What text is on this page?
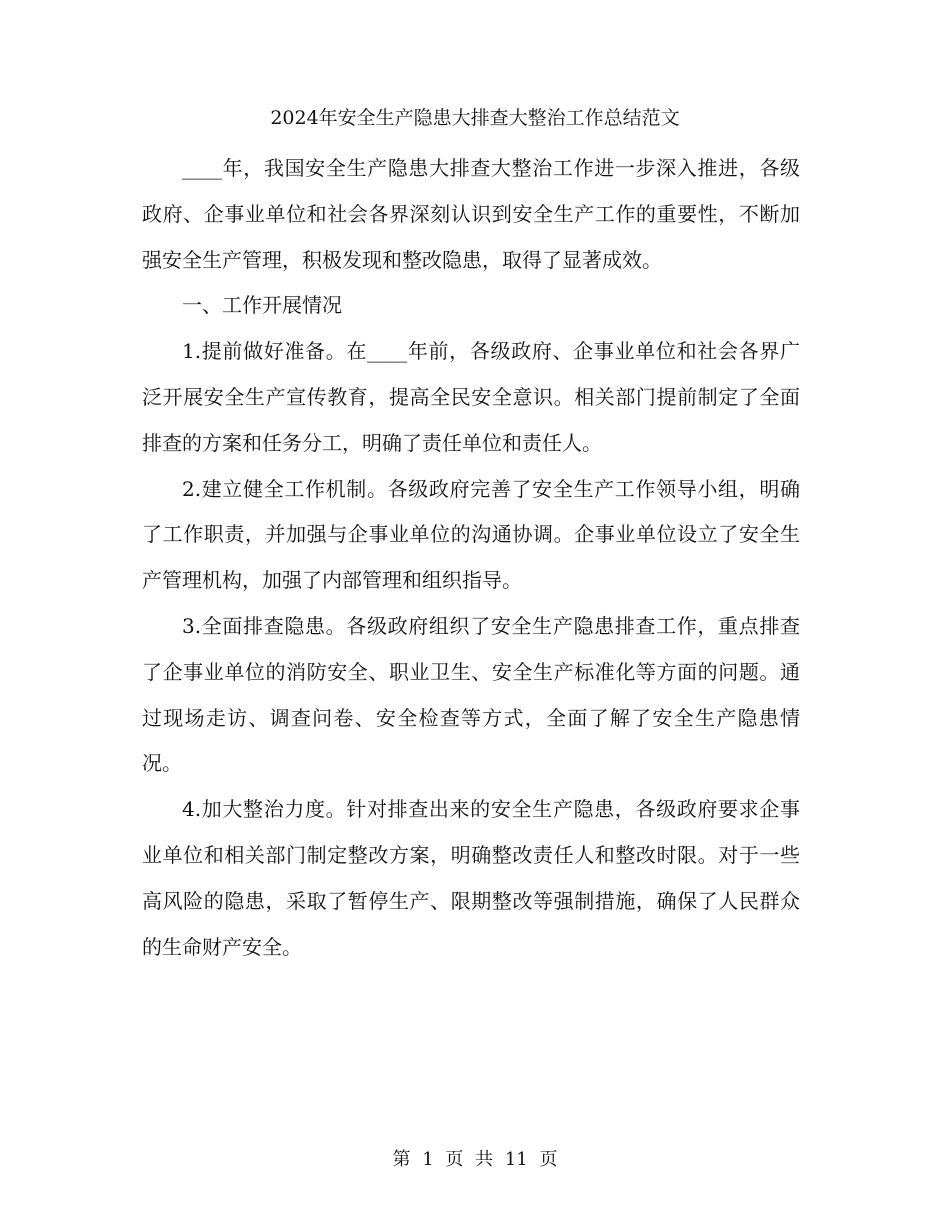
2024年安全生产隐患大排查大整治工作总结范文

____年，我国安全生产隐患大排查大整治工作进一步深入推进，各级政府、企事业单位和社会各界深刻认识到安全生产工作的重要性，不断加强安全生产管理，积极发现和整改隐患，取得了显著成效。

一、工作开展情况

1.提前做好准备。在____年前，各级政府、企事业单位和社会各界广泛开展安全生产宣传教育，提高全民安全意识。相关部门提前制定了全面排查的方案和任务分工，明确了责任单位和责任人。

2.建立健全工作机制。各级政府完善了安全生产工作领导小组，明确了工作职责，并加强与企事业单位的沟通协调。企事业单位设立了安全生产管理机构，加强了内部管理和组织指导。

3.全面排查隐患。各级政府组织了安全生产隐患排查工作，重点排查了企事业单位的消防安全、职业卫生、安全生产标准化等方面的问题。通过现场走访、调查问卷、安全检查等方式，全面了解了安全生产隐患情况。

4.加大整治力度。针对排查出来的安全生产隐患，各级政府要求企事业单位和相关部门制定整改方案，明确整改责任人和整改时限。对于一些高风险的隐患，采取了暂停生产、限期整改等强制措施，确保了人民群众的生命财产安全。

第 1 页 共 11 页
